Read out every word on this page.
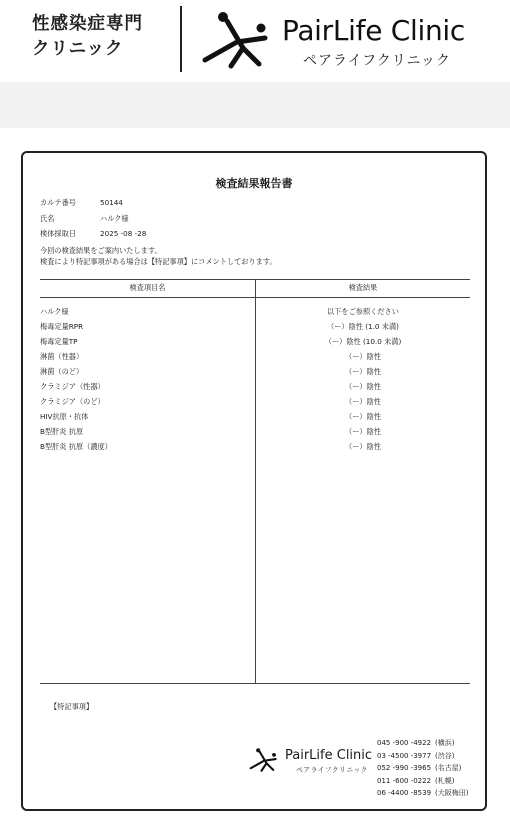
性感染症専門
クリニック
PairLife Clinic
ペアライフクリニック
検査結果報告書
カルテ番号	50144
氏名	ハルク様
検体採取日	2025 -08 -28
今回の検査結果をご案内いたします。
検査により特記事項がある場合は【特記事項】にコメントしております。
検査項目名	検査結果
ハルク様	以下をご参照ください
梅毒定量RPR	（ー）陰性 (1.0 未満)
梅毒定量TP	（ー）陰性 (10.0 未満)
淋菌（性器）	（ー）陰性
淋菌（のど）	（ー）陰性
クラミジア（性器）	（ー）陰性
クラミジア（のど）	（ー）陰性
HIV抗原・抗体	（ー）陰性
B型肝炎 抗原	（ー）陰性
B型肝炎 抗原（濃度）	（ー）陰性
【特記事項】
PairLife Clinic
ペアライフクリニック
045 -900 -4922 (横浜)
03 -4500 -3977 (渋谷)
052 -990 -3965 (名古屋)
011 -600 -0222 (札幌)
06 -4400 -8539 (大阪梅田)
